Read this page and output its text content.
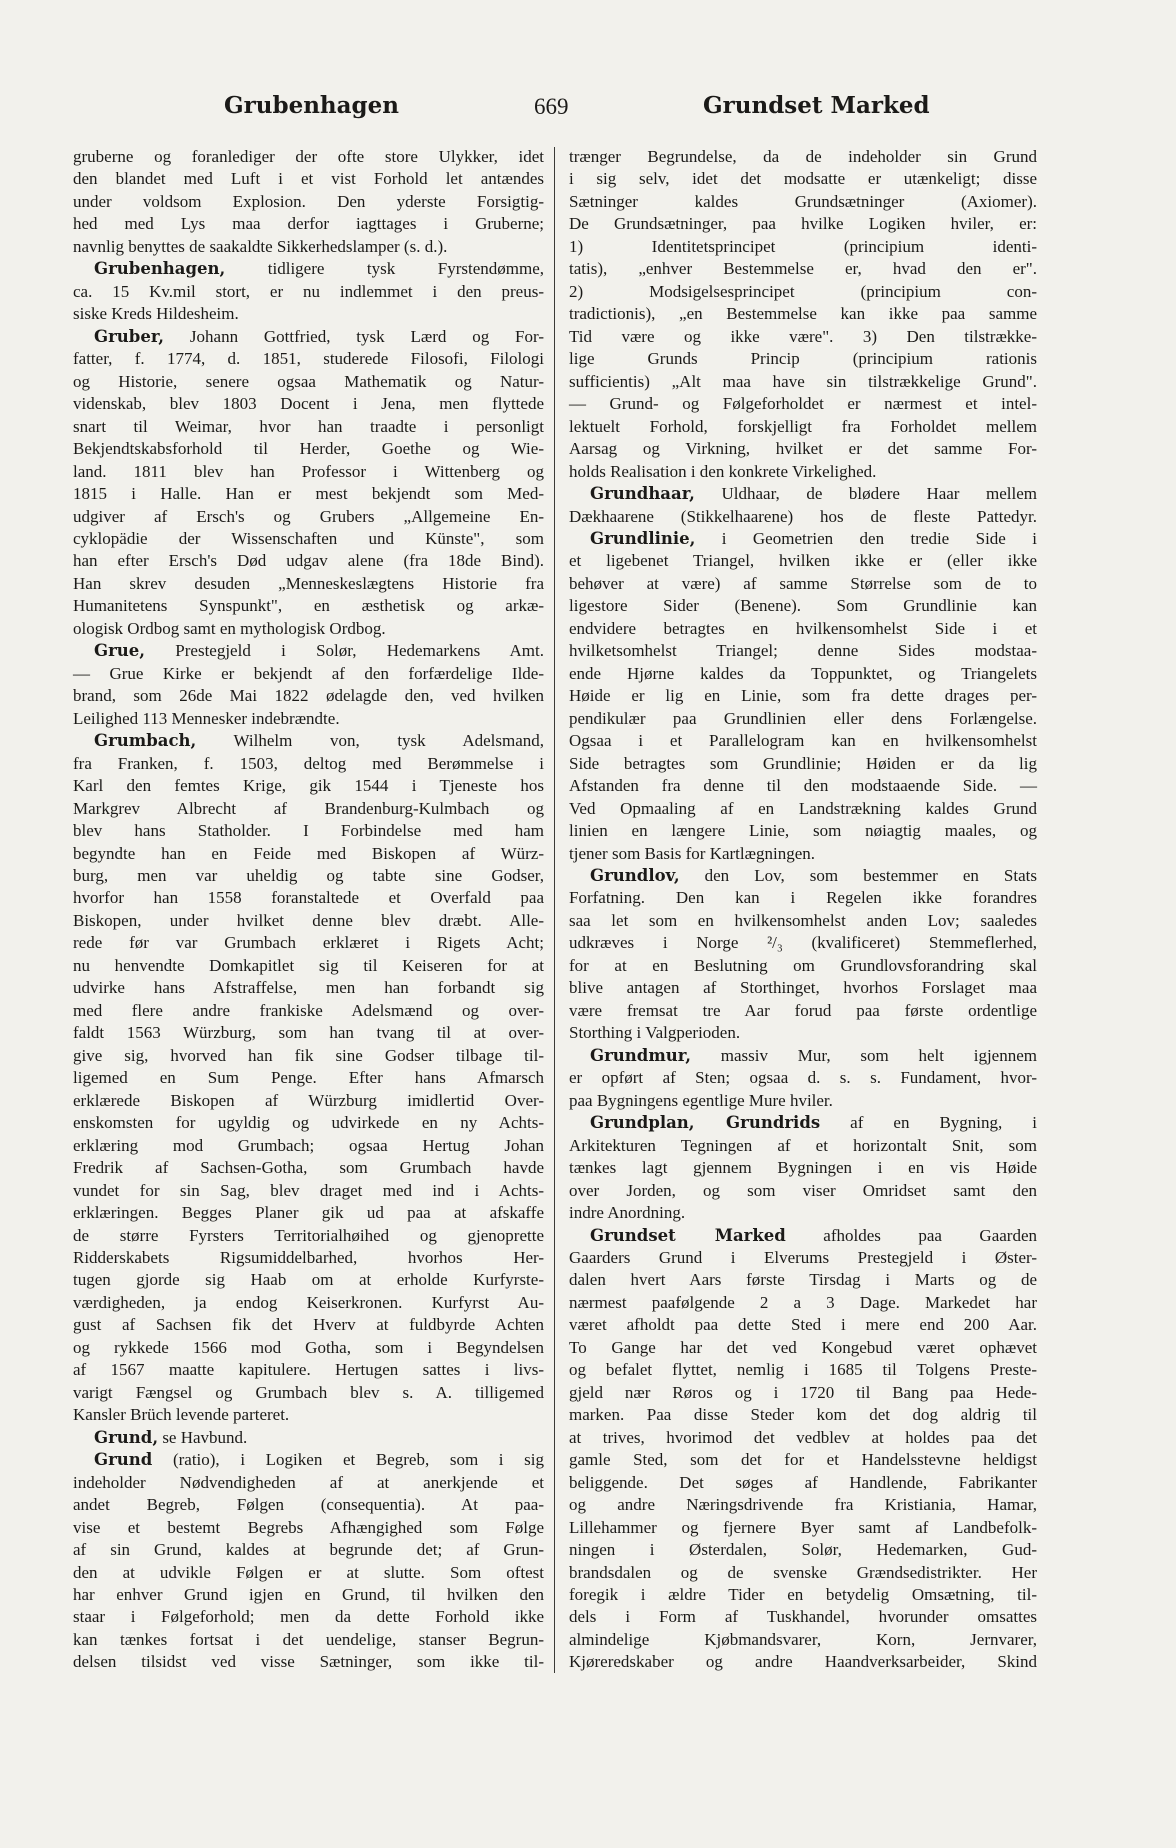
Grubenhagen	669	Grundset Marked
gruberne og foranlediger der ofte store Ulykker, idet
den blandet med Luft i et vist Forhold let antændes
under voldsom Explosion. Den yderste Forsigtig-
hed med Lys maa derfor iagttages i Gruberne;
navnlig benyttes de saakaldte Sikkerhedslamper (s. d.).
Grubenhagen, tidligere tysk Fyrstendømme,
ca. 15 Kv.mil stort, er nu indlemmet i den preus-
siske Kreds Hildesheim.
Gruber, Johann Gottfried, tysk Lærd og For-
fatter, f. 1774, d. 1851, studerede Filosofi, Filologi
og Historie, senere ogsaa Mathematik og Natur-
videnskab, blev 1803 Docent i Jena, men flyttede
snart til Weimar, hvor han traadte i personligt
Bekjendtskabsforhold til Herder, Goethe og Wie-
land. 1811 blev han Professor i Wittenberg og
1815 i Halle. Han er mest bekjendt som Med-
udgiver af Ersch's og Grubers „Allgemeine En-
cyklopädie der Wissenschaften und Künste", som
han efter Ersch's Død udgav alene (fra 18de Bind).
Han skrev desuden „Menneskeslægtens Historie fra
Humanitetens Synspunkt", en æsthetisk og arkæ-
ologisk Ordbog samt en mythologisk Ordbog.
Grue, Prestegjeld i Solør, Hedemarkens Amt.
— Grue Kirke er bekjendt af den forfærdelige Ilde-
brand, som 26de Mai 1822 ødelagde den, ved hvilken
Leilighed 113 Mennesker indebrændte.
Grumbach, Wilhelm von, tysk Adelsmand,
fra Franken, f. 1503, deltog med Berømmelse i
Karl den femtes Krige, gik 1544 i Tjeneste hos
Markgrev Albrecht af Brandenburg-Kulmbach og
blev hans Statholder. I Forbindelse med ham
begyndte han en Feide med Biskopen af Würz-
burg, men var uheldig og tabte sine Godser,
hvorfor han 1558 foranstaltede et Overfald paa
Biskopen, under hvilket denne blev dræbt. Alle-
rede før var Grumbach erklæret i Rigets Acht;
nu henvendte Domkapitlet sig til Keiseren for at
udvirke hans Afstraffelse, men han forbandt sig
med flere andre frankiske Adelsmænd og over-
faldt 1563 Würzburg, som han tvang til at over-
give sig, hvorved han fik sine Godser tilbage til-
ligemed en Sum Penge. Efter hans Afmarsch
erklærede Biskopen af Würzburg imidlertid Over-
enskomsten for ugyldig og udvirkede en ny Achts-
erklæring mod Grumbach; ogsaa Hertug Johan
Fredrik af Sachsen-Gotha, som Grumbach havde
vundet for sin Sag, blev draget med ind i Achts-
erklæringen. Begges Planer gik ud paa at afskaffe
de større Fyrsters Territorialhøihed og gjenoprette
Ridderskabets Rigsumiddelbarhed, hvorhos Her-
tugen gjorde sig Haab om at erholde Kurfyrste-
værdigheden, ja endog Keiserkronen. Kurfyrst Au-
gust af Sachsen fik det Hverv at fuldbyrde Achten
og rykkede 1566 mod Gotha, som i Begyndelsen
af 1567 maatte kapitulere. Hertugen sattes i livs-
varigt Fængsel og Grumbach blev s. A. tilligemed
Kansler Brüch levende parteret.
Grund, se Havbund.
Grund (ratio), i Logiken et Begreb, som i sig
indeholder Nødvendigheden af at anerkjende et
andet Begreb, Følgen (consequentia). At paa-
vise et bestemt Begrebs Afhængighed som Følge
af sin Grund, kaldes at begrunde det; af Grun-
den at udvikle Følgen er at slutte. Som oftest
har enhver Grund igjen en Grund, til hvilken den
staar i Følgeforhold; men da dette Forhold ikke
kan tænkes fortsat i det uendelige, stanser Begrun-
delsen tilsidst ved visse Sætninger, som ikke til-
trænger Begrundelse, da de indeholder sin Grund
i sig selv, idet det modsatte er utænkeligt; disse
Sætninger kaldes Grundsætninger (Axiomer).
De Grundsætninger, paa hvilke Logiken hviler, er:
1) Identitetsprincipet (principium identi-
tatis), „enhver Bestemmelse er, hvad den er".
2) Modsigelsesprincipet (principium con-
tradictionis), „en Bestemmelse kan ikke paa samme
Tid være og ikke være". 3) Den tilstrække-
lige Grunds Princip (principium rationis
sufficientis) „Alt maa have sin tilstrækkelige Grund".
— Grund- og Følgeforholdet er nærmest et intel-
lektuelt Forhold, forskjelligt fra Forholdet mellem
Aarsag og Virkning, hvilket er det samme For-
holds Realisation i den konkrete Virkelighed.
Grundhaar, Uldhaar, de blødere Haar mellem
Dækhaarene (Stikkelhaarene) hos de fleste Pattedyr.
Grundlinie, i Geometrien den tredie Side i
et ligebenet Triangel, hvilken ikke er (eller ikke
behøver at være) af samme Størrelse som de to
ligestore Sider (Benene). Som Grundlinie kan
endvidere betragtes en hvilkensomhelst Side i et
hvilketsomhelst Triangel; denne Sides modstaa-
ende Hjørne kaldes da Toppunktet, og Triangelets
Høide er lig en Linie, som fra dette drages per-
pendikulær paa Grundlinien eller dens Forlængelse.
Ogsaa i et Parallelogram kan en hvilkensomhelst
Side betragtes som Grundlinie; Høiden er da lig
Afstanden fra denne til den modstaaende Side. —
Ved Opmaaling af en Landstrækning kaldes Grund
linien en længere Linie, som nøiagtig maales, og
tjener som Basis for Kartlægningen.
Grundlov, den Lov, som bestemmer en Stats
Forfatning. Den kan i Regelen ikke forandres
saa let som en hvilkensomhelst anden Lov; saaledes
udkræves i Norge ²/₃ (kvalificeret) Stemmeflerhed,
for at en Beslutning om Grundlovsforandring skal
blive antagen af Storthinget, hvorhos Forslaget maa
være fremsat tre Aar forud paa første ordentlige
Storthing i Valgperioden.
Grundmur, massiv Mur, som helt igjennem
er opført af Sten; ogsaa d. s. s. Fundament, hvor-
paa Bygningens egentlige Mure hviler.
Grundplan, Grundrids af en Bygning, i
Arkitekturen Tegningen af et horizontalt Snit, som
tænkes lagt gjennem Bygningen i en vis Høide
over Jorden, og som viser Omridset samt den
indre Anordning.
Grundset Marked afholdes paa Gaarden
Gaarders Grund i Elverums Prestegjeld i Øster-
dalen hvert Aars første Tirsdag i Marts og de
nærmest paafølgende 2 a 3 Dage. Markedet har
været afholdt paa dette Sted i mere end 200 Aar.
To Gange har det ved Kongebud været ophævet
og befalet flyttet, nemlig i 1685 til Tolgens Preste-
gjeld nær Røros og i 1720 til Bang paa Hede-
marken. Paa disse Steder kom det dog aldrig til
at trives, hvorimod det vedblev at holdes paa det
gamle Sted, som det for et Handelsstevne heldigst
beliggende. Det søges af Handlende, Fabrikanter
og andre Næringsdrivende fra Kristiania, Hamar,
Lillehammer og fjernere Byer samt af Landbefolk-
ningen i Østerdalen, Solør, Hedemarken, Gud-
brandsdalen og de svenske Grændsedistrikter. Her
foregik i ældre Tider en betydelig Omsætning, til-
dels i Form af Tuskhandel, hvorunder omsattes
almindelige Kjøbmandsvarer, Korn, Jernvarer,
Kjøreredskaber og andre Haandverksarbeider, Skind
